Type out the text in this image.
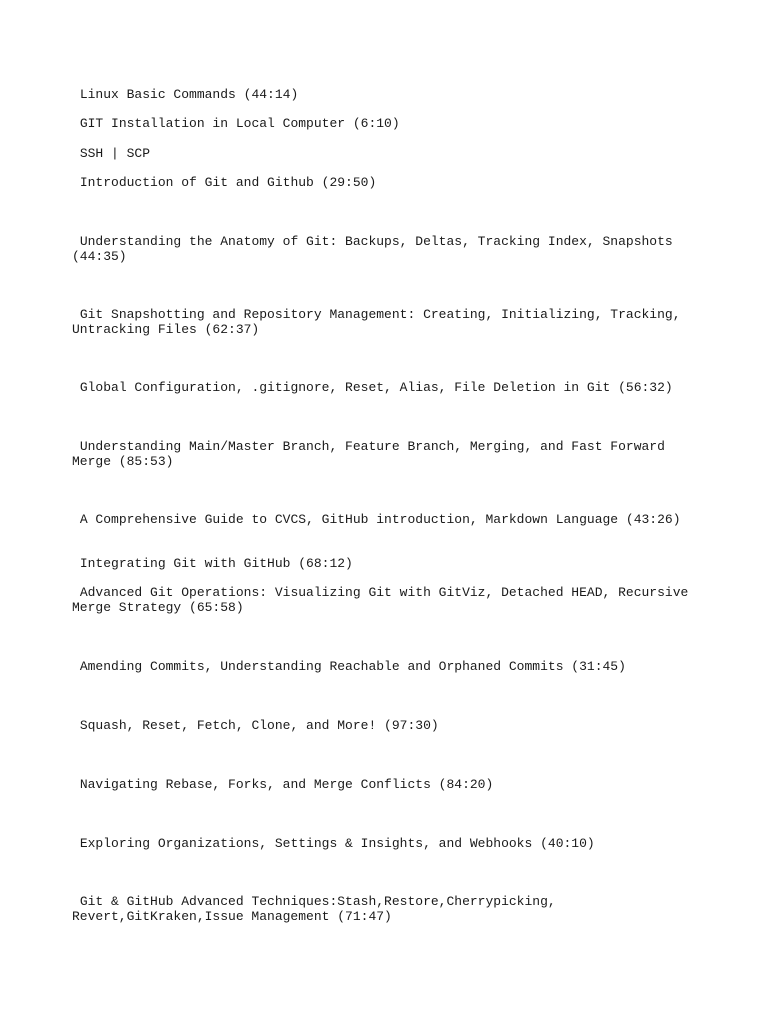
Linux Basic Commands (44:14)

GIT Installation in Local Computer (6:10)

SSH | SCP

Introduction of Git and Github (29:50)

Understanding the Anatomy of Git: Backups, Deltas, Tracking Index, Snapshots (44:35)

Git Snapshotting and Repository Management: Creating, Initializing, Tracking, Untracking Files (62:37)

Global Configuration, .gitignore, Reset, Alias, File Deletion in Git (56:32)

Understanding Main/Master Branch, Feature Branch, Merging, and Fast Forward Merge (85:53)

A Comprehensive Guide to CVCS, GitHub introduction, Markdown Language (43:26)

Integrating Git with GitHub (68:12)

Advanced Git Operations: Visualizing Git with GitViz, Detached HEAD, Recursive Merge Strategy (65:58)

Amending Commits, Understanding Reachable and Orphaned Commits (31:45)

Squash, Reset, Fetch, Clone, and More! (97:30)

Navigating Rebase, Forks, and Merge Conflicts (84:20)

Exploring Organizations, Settings & Insights, and Webhooks (40:10)

Git & GitHub Advanced Techniques:Stash,Restore,Cherrypicking, Revert,GitKraken,Issue Management (71:47)
